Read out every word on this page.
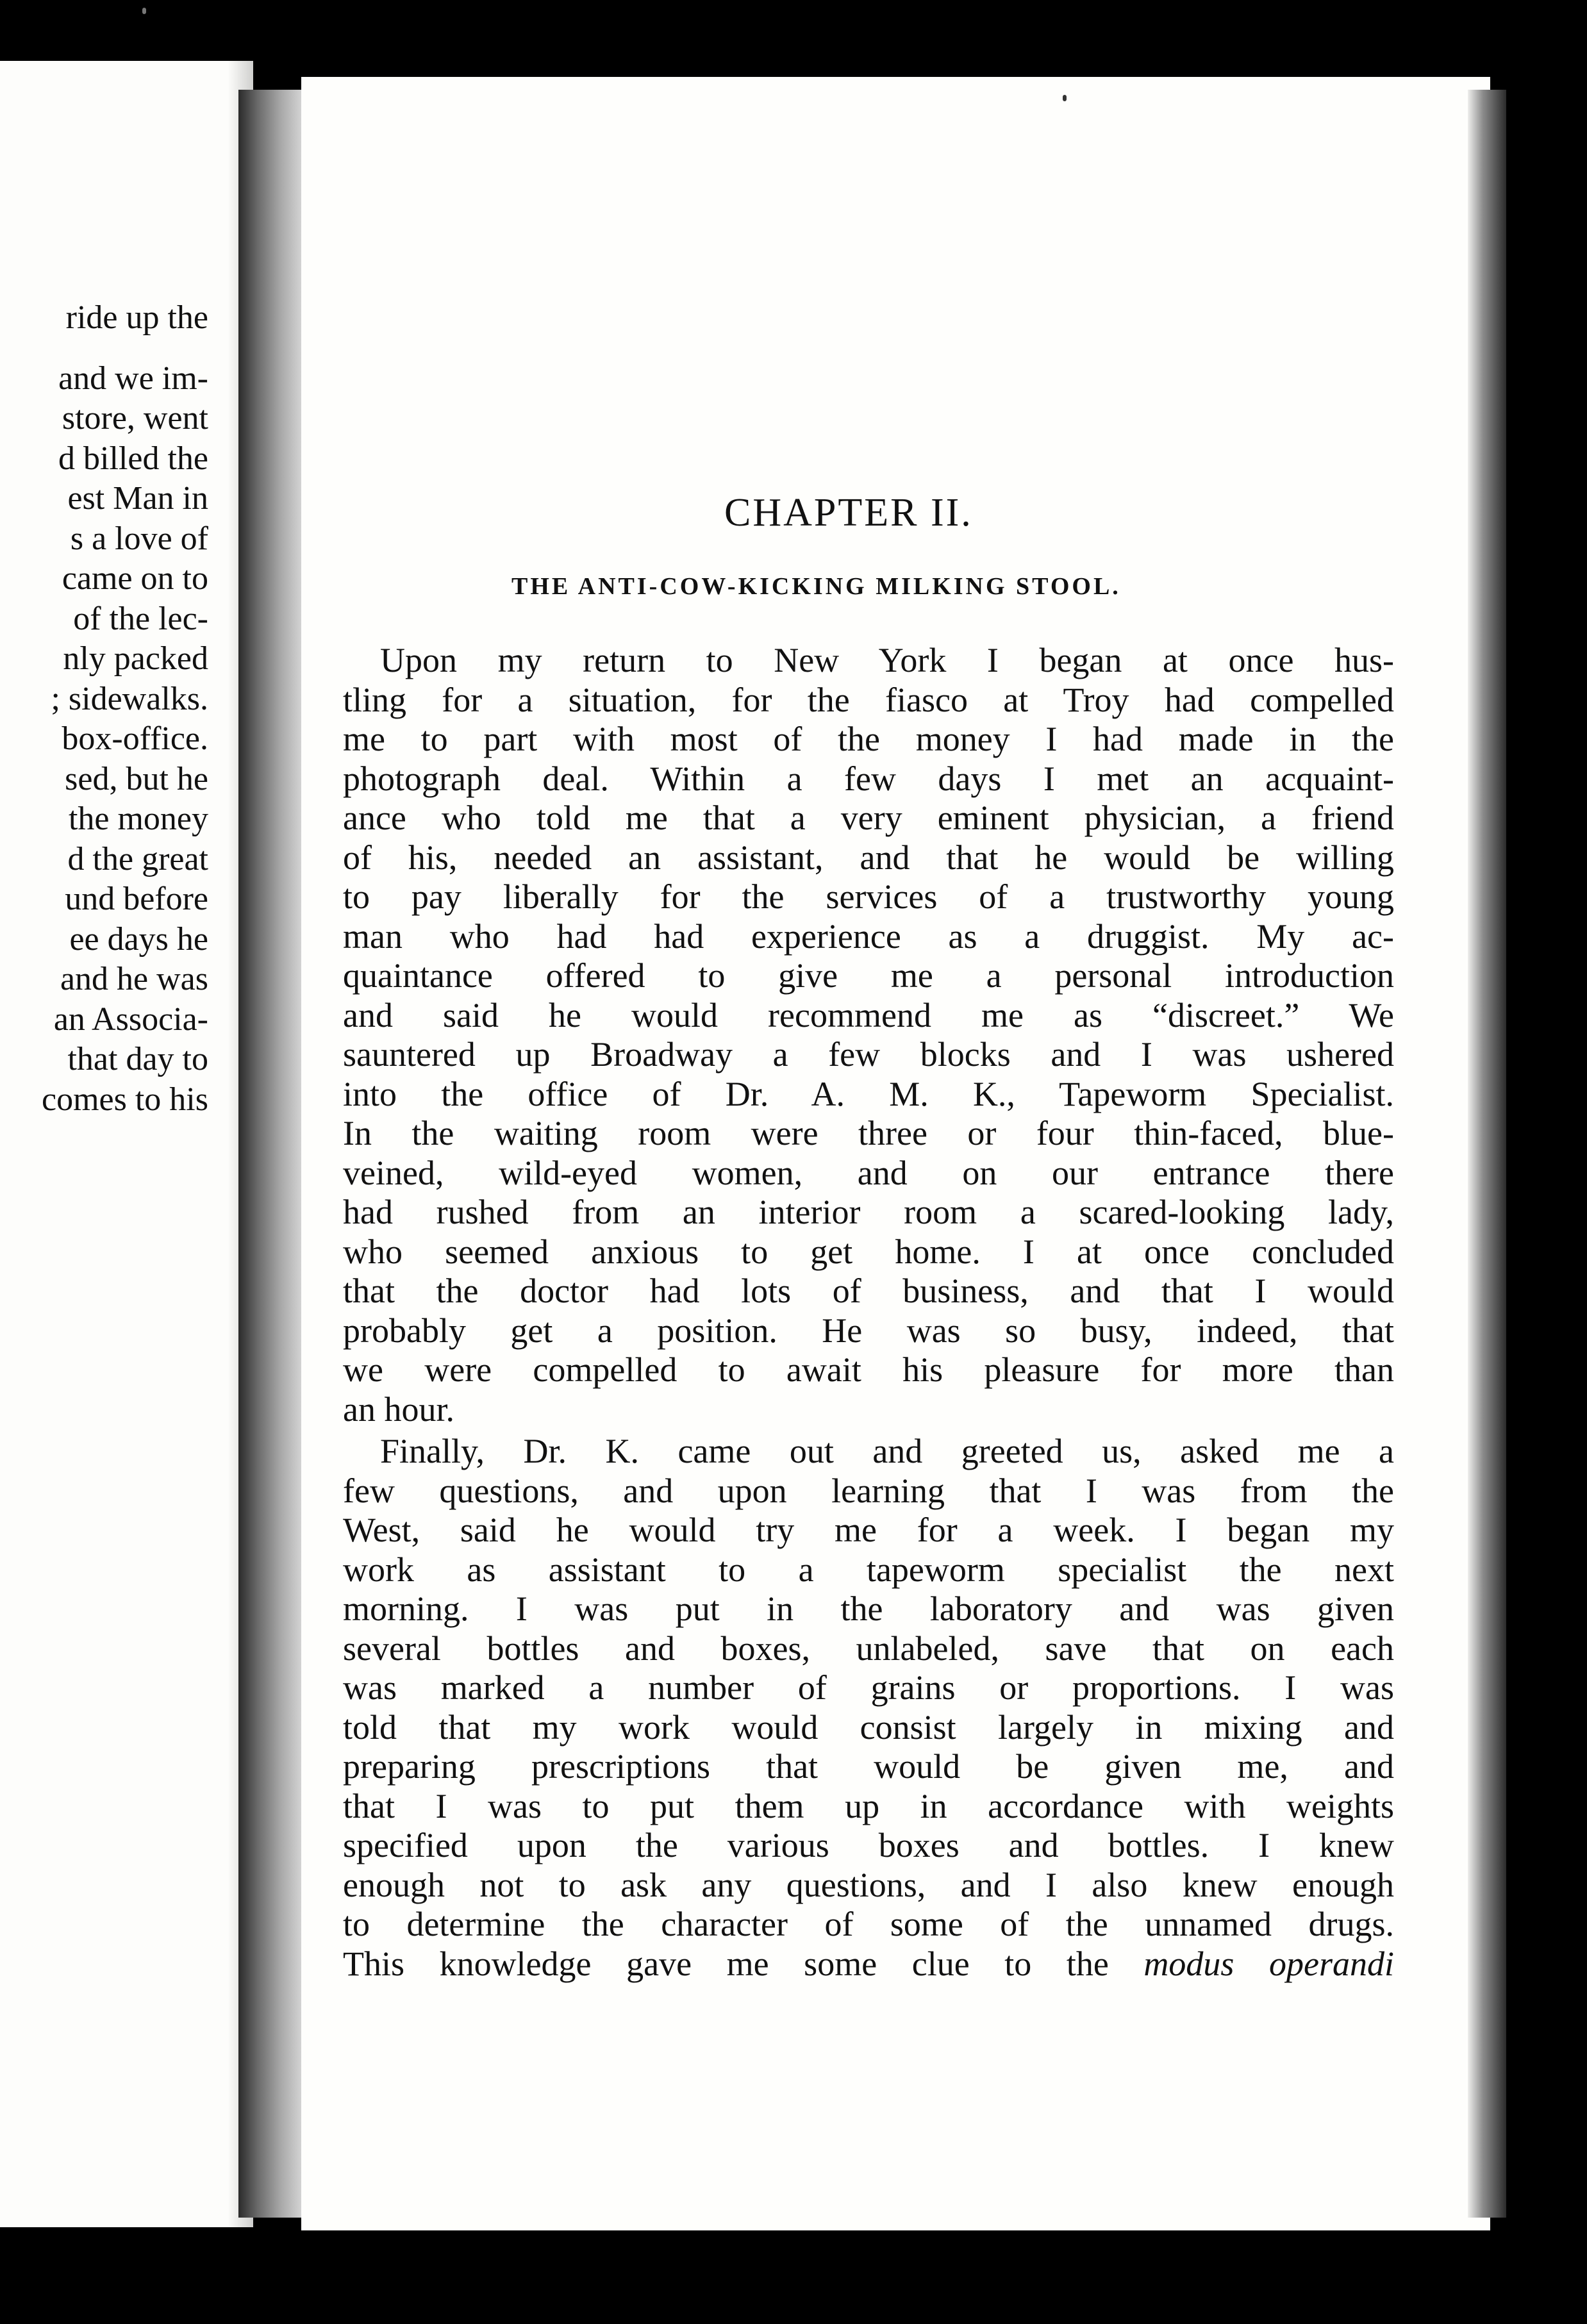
ride up the
and we im-
store, went
d billed the
est Man in
s a love of
came on to
of the lec-
nly packed
; sidewalks.
box-office.
sed, but he
the money
d the great
und before
ee days he
and he was
an Associa-
that day to
comes to his
CHAPTER II.
THE ANTI-COW-KICKING MILKING STOOL.
Upon my return to New York I began at once hus-
tling for a situation, for the fiasco at Troy had compelled
me to part with most of the money I had made in the
photograph deal. Within a few days I met an acquaint-
ance who told me that a very eminent physician, a friend
of his, needed an assistant, and that he would be willing
to pay liberally for the services of a trustworthy young
man who had had experience as a druggist. My ac-
quaintance offered to give me a personal introduction
and said he would recommend me as “discreet.” We
sauntered up Broadway a few blocks and I was ushered
into the office of Dr. A. M. K., Tapeworm Specialist.
In the waiting room were three or four thin-faced, blue-
veined, wild-eyed women, and on our entrance there
had rushed from an interior room a scared-looking lady,
who seemed anxious to get home. I at once concluded
that the doctor had lots of business, and that I would
probably get a position. He was so busy, indeed, that
we were compelled to await his pleasure for more than
an hour.
Finally, Dr. K. came out and greeted us, asked me a
few questions, and upon learning that I was from the
West, said he would try me for a week. I began my
work as assistant to a tapeworm specialist the next
morning. I was put in the laboratory and was given
several bottles and boxes, unlabeled, save that on each
was marked a number of grains or proportions. I was
told that my work would consist largely in mixing and
preparing prescriptions that would be given me, and
that I was to put them up in accordance with weights
specified upon the various boxes and bottles. I knew
enough not to ask any questions, and I also knew enough
to determine the character of some of the unnamed drugs.
This knowledge gave me some clue to the modus operandi
